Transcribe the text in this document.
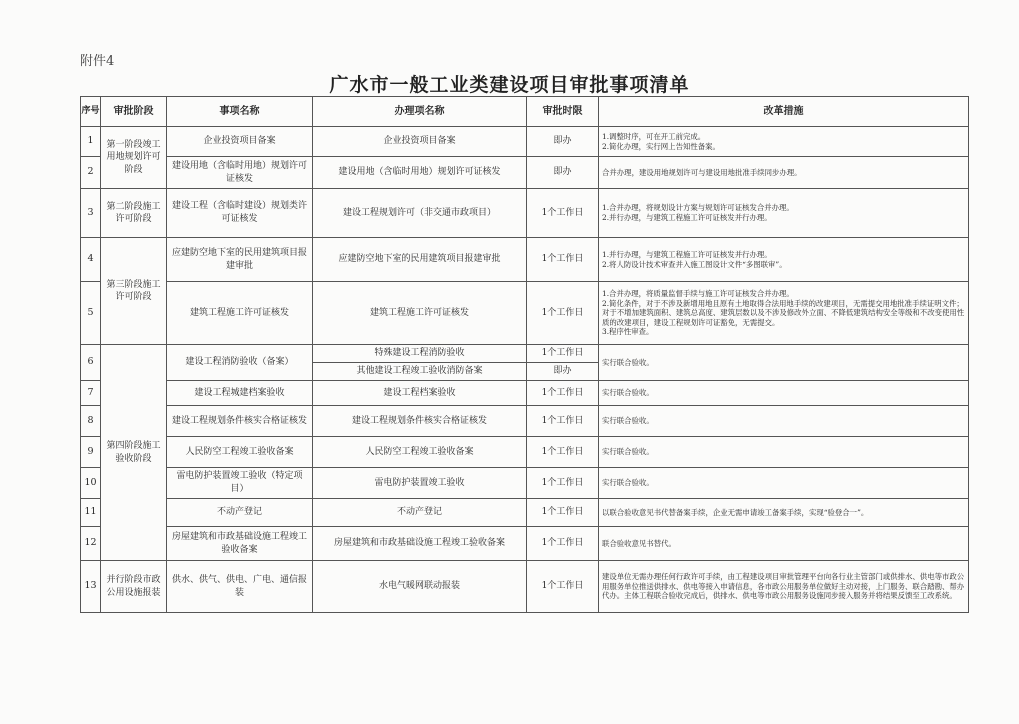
附件4
广水市一般工业类建设项目审批事项清单
序号	审批阶段	事项名称	办理项名称	审批时限	改革措施
1	第一阶段竣工用地规划许可阶段	企业投资项目备案	企业投资项目备案	即办	1.调整时序，可在开工前完成。
2.简化办理，实行网上告知性备案。

2		建设用地（含临时用地）规划许可证核发	建设用地（含临时用地）规划许可证核发	即办	合并办理，建设用地规划许可与建设用地批准手续同步办理。

3	第二阶段施工许可阶段	建设工程（含临时建设）规划类许可证核发	建设工程规划许可（非交通市政项目）	1个工作日	1.合并办理，将规划设计方案与规划许可证核发合并办理。
2.并行办理，与建筑工程施工许可证核发并行办理。

4	第三阶段施工许可阶段	应建防空地下室的民用建筑项目报建审批	应建防空地下室的民用建筑项目报建审批	1个工作日	1.并行办理，与建筑工程施工许可证核发并行办理。
2.将人防设计技术审查并入施工图设计文件“多图联审”。

5		建筑工程施工许可证核发	建筑工程施工许可证核发	1个工作日	1.合并办理，将质量监督手续与施工许可证核发合并办理。
2.简化条件，对于不涉及新增用地且原有土地取得合法用地手续的改建项目，无需提交用地批准手续证明文件；对于不增加建筑面积、建筑总高度、建筑层数以及不涉及修改外立面、不降低建筑结构安全等级和不改变使用性质的改建项目，建设工程规划许可证豁免，无需提交。
3.程序性审查。

6	第四阶段施工验收阶段	建设工程消防验收（备案）	特殊建设工程消防验收	1个工作日	实行联合验收。
			其他建设工程竣工验收消防备案	即办	
7		建设工程城建档案验收	建设工程档案验收	1个工作日	实行联合验收。
8		建设工程规划条件核实合格证核发	建设工程规划条件核实合格证核发	1个工作日	实行联合验收。
9		人民防空工程竣工验收备案	人民防空工程竣工验收备案	1个工作日	实行联合验收。
10		雷电防护装置竣工验收（特定项目）	雷电防护装置竣工验收	1个工作日	实行联合验收。
11		不动产登记	不动产登记	1个工作日	以联合验收意见书代替备案手续，企业无需申请竣工备案手续，实现“验登合一”。
12		房屋建筑和市政基础设施工程竣工验收备案	房屋建筑和市政基础设施工程竣工验收备案	1个工作日	联合验收意见书替代。
13	并行阶段市政公用设施报装	供水、供气、供电、广电、通信报装	水电气暖网联动报装	1个工作日	建设单位无需办理任何行政许可手续，由工程建设项目审批管理平台向各行业主管部门或供排水、供电等市政公用服务单位推送供排水、供电等接入申请信息，各市政公用服务单位做好主动对接，上门服务、联合踏勘、帮办代办。主体工程联合验收完成后，供排水、供电等市政公用服务设施同步接入服务并将结果反馈至工改系统。
